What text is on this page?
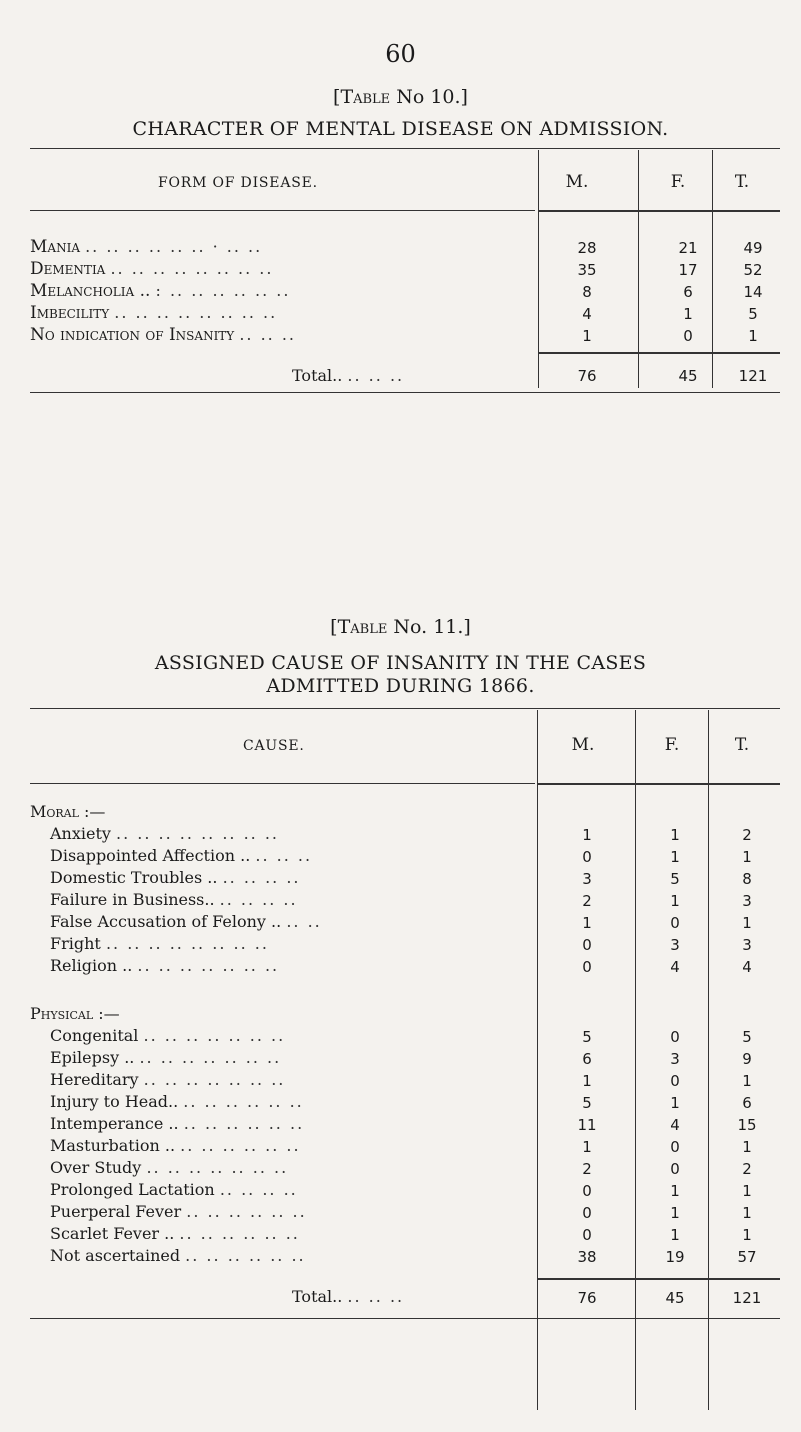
60
[Table No 10.]
CHARACTER OF MENTAL DISEASE ON ADMISSION.
FORM OF DISEASE.	M.	F.	T.
Mania .. .. .. .. .. .. · .. ..	28	21	49
Dementia .. .. .. .. .. .. .. ..	35	17	52
Melancholia .. : .. .. .. .. .. ..	8	6	14
Imbecility .. .. .. .. .. .. .. ..	4	1	5
No indication of Insanity .. .. ..	1	0	1
Total.. .. .. ..	76	45	121
[Table No. 11.]
ASSIGNED CAUSE OF INSANITY IN THE CASES
ADMITTED DURING 1866.
CAUSE.	M.	F.	T.
Moral :—
Anxiety .. .. .. .. .. .. .. ..	1	1	2
Disappointed Affection .. .. .. ..	0	1	1
Domestic Troubles .. .. .. .. ..	3	5	8
Failure in Business.. .. .. .. ..	2	1	3
False Accusation of Felony .. .. ..	1	0	1
Fright .. .. .. .. .. .. .. ..	0	3	3
Religion .. .. .. .. .. .. .. ..	0	4	4
Physical :—
Congenital .. .. .. .. .. .. ..	5	0	5
Epilepsy .. .. .. .. .. .. .. ..	6	3	9
Hereditary .. .. .. .. .. .. ..	1	0	1
Injury to Head.. .. .. .. .. .. ..	5	1	6
Intemperance .. .. .. .. .. .. ..	11	4	15
Masturbation .. .. .. .. .. .. ..	1	0	1
Over Study .. .. .. .. .. .. ..	2	0	2
Prolonged Lactation .. .. .. ..	0	1	1
Puerperal Fever .. .. .. .. .. ..	0	1	1
Scarlet Fever .. .. .. .. .. .. ..	0	1	1
Not ascertained .. .. .. .. .. ..	38	19	57
Total.. .. .. ..	76	45	121
